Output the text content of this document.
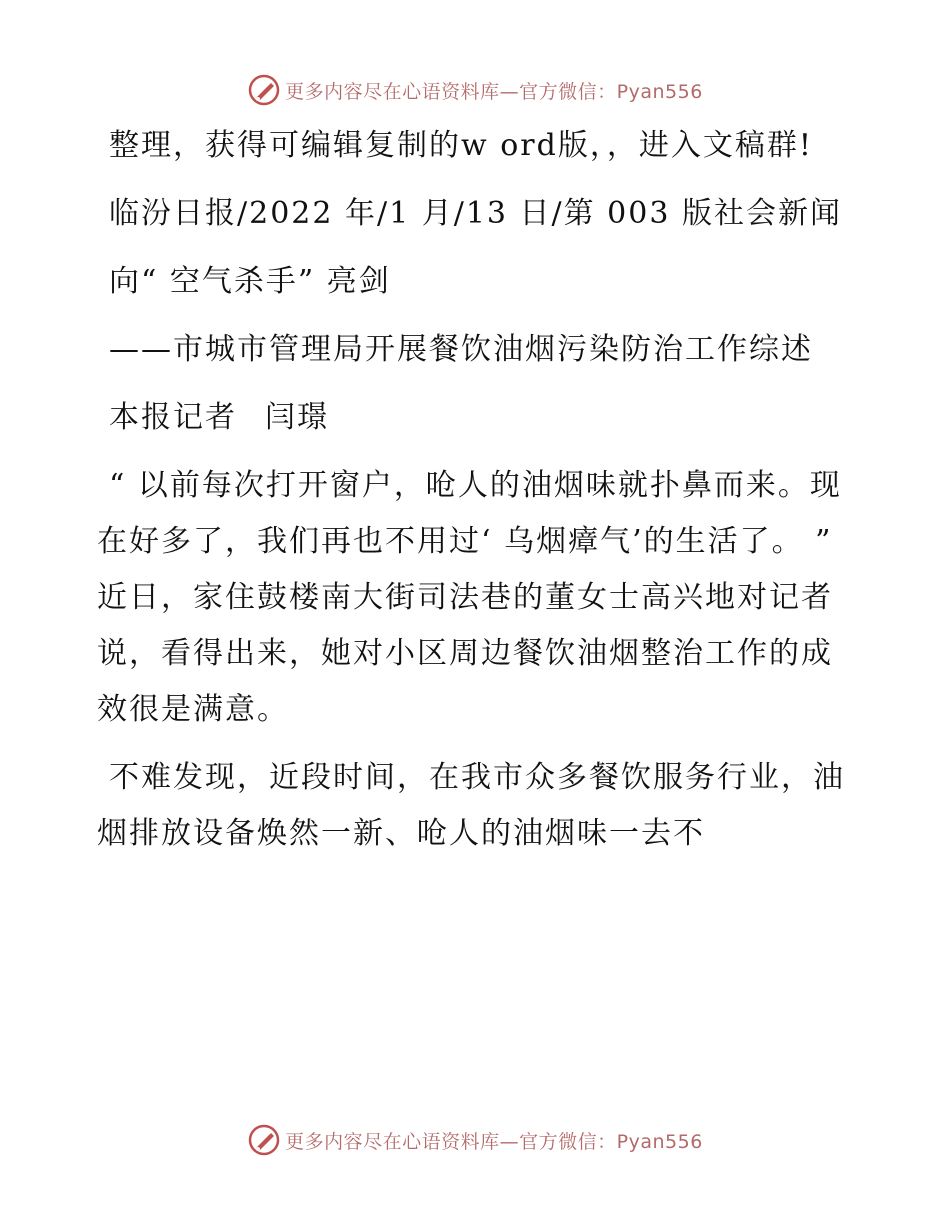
更多内容尽在心语资料库—官方微信：Pyan556

整理，获得可编辑复制的w ord版，，进入文稿群!

临汾日报/2022 年/1 月/13 日/第 003 版社会新闻

向“ 空气杀手” 亮剑

——市城市管理局开展餐饮油烟污染防治工作综述

本报记者 闫璟

“ 以前每次打开窗户，呛人的油烟味就扑鼻而来。现在好多了，我们再也不用过‘ 乌烟瘴气’的生活了。 ” 近日，家住鼓楼南大街司法巷的董女士高兴地对记者说，看得出来，她对小区周边餐饮油烟整治工作的成效很是满意。

不难发现，近段时间，在我市众多餐饮服务行业，油烟排放设备焕然一新、呛人的油烟味一去不

更多内容尽在心语资料库—官方微信：Pyan556
